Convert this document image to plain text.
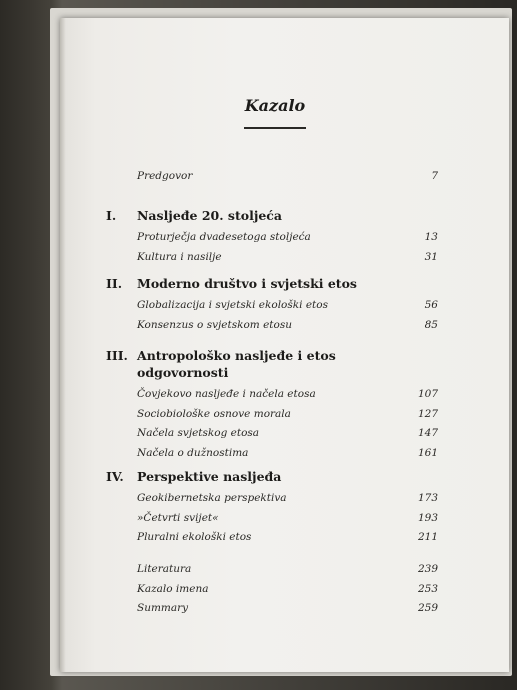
Kazalo
Predgovor	7
I. Nasljeđe 20. stoljeća
Proturječja dvadesetoga stoljeća	13
Kultura i nasilje	31
II. Moderno društvo i svjetski etos
Globalizacija i svjetski ekološki etos	56
Konsenzus o svjetskom etosu	85
III. Antropološko nasljeđe i etos
odgovornosti
Čovjekovo nasljeđe i načela etosa	107
Sociobiološke osnove morala	127
Načela svjetskog etosa	147
Načela o dužnostima	161
IV. Perspektive nasljeđa
Geokibernetska perspektiva	173
»Četvrti svijet«	193
Pluralni ekološki etos	211
Literatura	239
Kazalo imena	253
Summary	259
